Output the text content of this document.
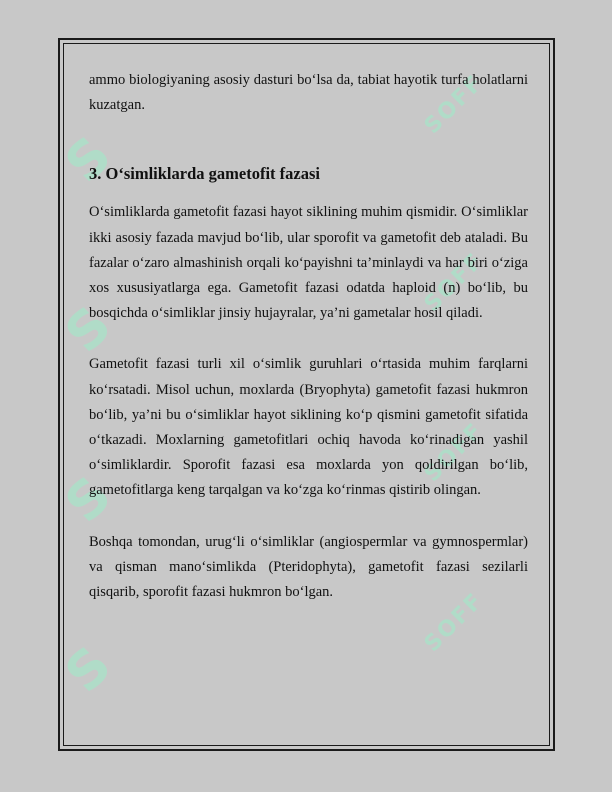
S
SOFF
S
SOFF
S
SOFF
S
SOFF

ammo biologiyaning asosiy dasturi bo‘lsa da, tabiat hayotik turfa holatlarni kuzatgan.

3. O‘simliklarda gametofit fazasi

O‘simliklarda gametofit fazasi hayot siklining muhim qismidir. O‘simliklar ikki asosiy fazada mavjud bo‘lib, ular sporofit va gametofit deb ataladi. Bu fazalar o‘zaro almashinish orqali ko‘payishni ta’minlaydi va har biri o‘ziga xos xususiyatlarga ega. Gametofit fazasi odatda haploid (n) bo‘lib, bu bosqichda o‘simliklar jinsiy hujayralar, ya’ni gametalar hosil qiladi.

Gametofit fazasi turli xil o‘simlik guruhlari o‘rtasida muhim farqlarni ko‘rsatadi. Misol uchun, moxlarda (Bryophyta) gametofit fazasi hukmron bo‘lib, ya’ni bu o‘simliklar hayot siklining ko‘p qismini gametofit sifatida o‘tkazadi. Moxlarning gametofitlari ochiq havoda ko‘rinadigan yashil o‘simliklardir. Sporofit fazasi esa moxlarda yon qoldirilgan bo‘lib, gametofitlarga keng tarqalgan va ko‘zga ko‘rinmas qistirib olingan.

Boshqa tomondan, urug‘li o‘simliklar (angiospermlar va gymnospermlar) va qisman mano‘simlikda (Pteridophyta), gametofit fazasi sezilarli qisqarib, sporofit fazasi hukmron bo‘lgan.
